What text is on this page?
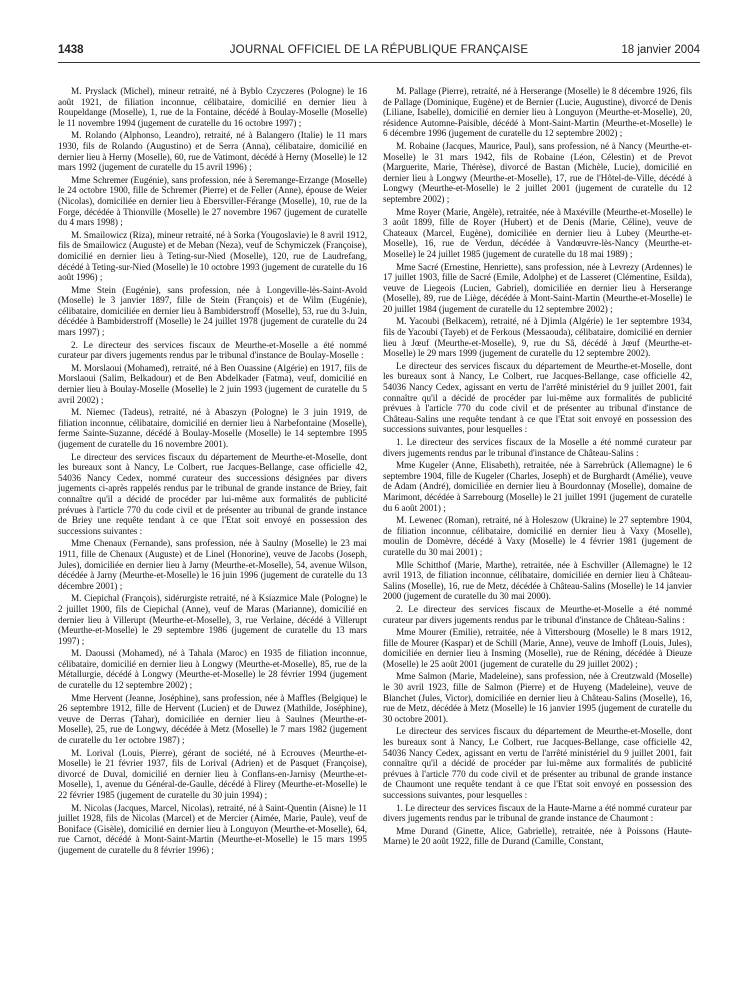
1438	JOURNAL OFFICIEL DE LA RÉPUBLIQUE FRANÇAISE	18 janvier 2004

M. Pryslack (Michel), mineur retraité, né à Byblo Czyczeres (Pologne) le 16 août 1921, de filiation inconnue, célibataire, domicilié en dernier lieu à Roupeldange (Moselle), 1, rue de la Fontaine, décédé à Boulay-Moselle (Moselle) le 11 novembre 1994 (jugement de curatelle du 16 octobre 1997) ;

M. Rolando (Alphonso, Leandro), retraité, né à Balangero (Italie) le 11 mars 1930, fils de Rolando (Augustino) et de Serra (Anna), célibataire, domicilié en dernier lieu à Herny (Moselle), 60, rue de Vatimont, décédé à Herny (Moselle) le 12 mars 1992 (jugement de curatelle du 15 avril 1996) ;

Mme Schremer (Eugénie), sans profession, née à Seremange-Erzange (Moselle) le 24 octobre 1900, fille de Schremer (Pierre) et de Feller (Anne), épouse de Weier (Nicolas), domiciliée en dernier lieu à Ebersviller-Férange (Moselle), 10, rue de la Forge, décédée à Thionville (Moselle) le 27 novembre 1967 (jugement de curatelle du 4 mars 1998) ;

M. Smailowicz (Riza), mineur retraité, né à Sorka (Yougoslavie) le 8 avril 1912, fils de Smailowicz (Auguste) et de Meban (Neza), veuf de Schymiczek (Françoise), domicilié en dernier lieu à Teting-sur-Nied (Moselle), 120, rue de Laudrefang, décédé à Teting-sur-Nied (Moselle) le 10 octobre 1993 (jugement de curatelle du 16 août 1996) ;

Mme Stein (Eugénie), sans profession, née à Longeville-lès-Saint-Avold (Moselle) le 3 janvier 1897, fille de Stein (François) et de Wilm (Eugénie), célibataire, domiciliée en dernier lieu à Bambiderstroff (Moselle), 53, rue du 3-Juin, décédée à Bambiderstroff (Moselle) le 24 juillet 1978 (jugement de curatelle du 24 mars 1997) ;

2. Le directeur des services fiscaux de Meurthe-et-Moselle a été nommé curateur par divers jugements rendus par le tribunal d'instance de Boulay-Moselle :

M. Morslaoui (Mohamed), retraité, né à Ben Ouassine (Algérie) en 1917, fils de Morslaoui (Salim, Belkadour) et de Ben Abdelkader (Fatma), veuf, domicilié en dernier lieu à Boulay-Moselle (Moselle) le 2 juin 1993 (jugement de curatelle du 5 avril 2002) ;

M. Niemec (Tadeus), retraité, né à Abaszyn (Pologne) le 3 juin 1919, de filiation inconnue, célibataire, domicilié en dernier lieu à Narbefontaine (Moselle), ferme Sainte-Suzanne, décédé à Boulay-Moselle (Moselle) le 14 septembre 1995 (jugement de curatelle du 16 novembre 2001).

Le directeur des services fiscaux du département de Meurthe-et-Moselle, dont les bureaux sont à Nancy, Le Colbert, rue Jacques-Bellange, case officielle 42, 54036 Nancy Cedex, nommé curateur des successions désignées par divers jugements ci-après rappelés rendus par le tribunal de grande instance de Briey, fait connaître qu'il a décidé de procéder par lui-même aux formalités de publicité prévues à l'article 770 du code civil et de présenter au tribunal de grande instance de Briey une requête tendant à ce que l'Etat soit envoyé en possession des successions suivantes :

Mme Chenaux (Fernande), sans profession, née à Saulny (Moselle) le 23 mai 1911, fille de Chenaux (Auguste) et de Linel (Honorine), veuve de Jacobs (Joseph, Jules), domiciliée en dernier lieu à Jarny (Meurthe-et-Moselle), 54, avenue Wilson, décédée à Jarny (Meurthe-et-Moselle) le 16 juin 1996 (jugement de curatelle du 13 décembre 2001) ;

M. Ciepichal (François), sidérurgiste retraité, né à Ksiazmice Male (Pologne) le 2 juillet 1900, fils de Ciepichal (Anne), veuf de Maras (Marianne), domicilié en dernier lieu à Villerupt (Meurthe-et-Moselle), 3, rue Verlaine, décédé à Villerupt (Meurthe-et-Moselle) le 29 septembre 1986 (jugement de curatelle du 13 mars 1997) ;

M. Daoussi (Mohamed), né à Tahala (Maroc) en 1935 de filiation inconnue, célibataire, domicilié en dernier lieu à Longwy (Meurthe-et-Moselle), 85, rue de la Métallurgie, décédé à Longwy (Meurthe-et-Moselle) le 28 février 1994 (jugement de curatelle du 12 septembre 2002) ;

Mme Hervent (Jeanne, Joséphine), sans profession, née à Maffles (Belgique) le 26 septembre 1912, fille de Hervent (Lucien) et de Duwez (Mathilde, Joséphine), veuve de Derras (Tahar), domiciliée en dernier lieu à Saulnes (Meurthe-et-Moselle), 25, rue de Longwy, décédée à Metz (Moselle) le 7 mars 1982 (jugement de curatelle du 1er octobre 1987) ;

M. Lorival (Louis, Pierre), gérant de société, né à Ecrouves (Meurthe-et-Moselle) le 21 février 1937, fils de Lorival (Adrien) et de Pasquet (Françoise), divorcé de Duval, domicilié en dernier lieu à Conflans-en-Jarnisy (Meurthe-et-Moselle), 1, avenue du Général-de-Gaulle, décédé à Flirey (Meurthe-et-Moselle) le 22 février 1985 (jugement de curatelle du 30 juin 1994) ;

M. Nicolas (Jacques, Marcel, Nicolas), retraité, né à Saint-Quentin (Aisne) le 11 juillet 1928, fils de Nicolas (Marcel) et de Mercier (Aimée, Marie, Paule), veuf de Boniface (Gisèle), domicilié en dernier lieu à Longuyon (Meurthe-et-Moselle), 64, rue Carnot, décédé à Mont-Saint-Martin (Meurthe-et-Moselle) le 15 mars 1995 (jugement de curatelle du 8 février 1996) ;

M. Pallage (Pierre), retraité, né à Herserange (Moselle) le 8 décembre 1926, fils de Pallage (Dominique, Eugène) et de Bernier (Lucie, Augustine), divorcé de Denis (Liliane, Isabelle), domicilié en dernier lieu à Longuyon (Meurthe-et-Moselle), 20, résidence Automne-Paisible, décédé à Mont-Saint-Martin (Meurthe-et-Moselle) le 6 décembre 1996 (jugement de curatelle du 12 septembre 2002) ;

M. Robaine (Jacques, Maurice, Paul), sans profession, né à Nancy (Meurthe-et-Moselle) le 31 mars 1942, fils de Robaine (Léon, Célestin) et de Prevot (Marguerite, Marie, Thérèse), divorcé de Bastan (Michèle, Lucie), domicilié en dernier lieu à Longwy (Meurthe-et-Moselle), 17, rue de l'Hôtel-de-Ville, décédé à Longwy (Meurthe-et-Moselle) le 2 juillet 2001 (jugement de curatelle du 12 septembre 2002) ;

Mme Royer (Marie, Angèle), retraitée, née à Maxéville (Meurthe-et-Moselle) le 3 août 1899, fille de Royer (Hubert) et de Denis (Marie, Céline), veuve de Chateaux (Marcel, Eugène), domiciliée en dernier lieu à Lubey (Meurthe-et-Moselle), 16, rue de Verdun, décédée à Vandœuvre-lès-Nancy (Meurthe-et-Moselle) le 24 juillet 1985 (jugement de curatelle du 18 mai 1989) ;

Mme Sacré (Ernestine, Henriette), sans profession, née à Levrezy (Ardennes) le 17 juillet 1903, fille de Sacré (Emile, Adolphe) et de Lasseret (Clémentine, Esilda), veuve de Liegeois (Lucien, Gabriel), domiciliée en dernier lieu à Herserange (Moselle), 89, rue de Liège, décédée à Mont-Saint-Martin (Meurthe-et-Moselle) le 20 juillet 1984 (jugement de curatelle du 12 septembre 2002) ;

M. Yacoubi (Belkacem), retraité, né à Djimla (Algérie) le 1er septembre 1934, fils de Yacoubi (Tayeb) et de Ferkous (Messaouda), célibataire, domicilié en dernier lieu à Jœuf (Meurthe-et-Moselle), 9, rue du Sâ, décédé à Jœuf (Meurthe-et-Moselle) le 29 mars 1999 (jugement de curatelle du 12 septembre 2002).

Le directeur des services fiscaux du département de Meurthe-et-Moselle, dont les bureaux sont à Nancy, Le Colbert, rue Jacques-Bellange, case officielle 42, 54036 Nancy Cedex, agissant en vertu de l'arrêté ministériel du 9 juillet 2001, fait connaître qu'il a décidé de procéder par lui-même aux formalités de publicité prévues à l'article 770 du code civil et de présenter au tribunal d'instance de Château-Salins une requête tendant à ce que l'Etat soit envoyé en possession des successions suivantes, pour lesquelles :

1. Le directeur des services fiscaux de la Moselle a été nommé curateur par divers jugements rendus par le tribunal d'instance de Château-Salins :

Mme Kugeler (Anne, Elisabeth), retraitée, née à Sarrebrück (Allemagne) le 6 septembre 1904, fille de Kugeler (Charles, Joseph) et de Burghardt (Amélie), veuve de Adam (André), domiciliée en dernier lieu à Bourdonnay (Moselle), domaine de Marimont, décédée à Sarrebourg (Moselle) le 21 juillet 1991 (jugement de curatelle du 6 août 2001) ;

M. Lewenec (Roman), retraité, né à Holeszow (Ukraine) le 27 septembre 1904, de filiation inconnue, célibataire, domicilié en dernier lieu à Vaxy (Moselle), moulin de Domèvre, décédé à Vaxy (Moselle) le 4 février 1981 (jugement de curatelle du 30 mai 2001) ;

Mlle Schitthof (Marie, Marthe), retraitée, née à Eschviller (Allemagne) le 12 avril 1913, de filiation inconnue, célibataire, domiciliée en dernier lieu à Château-Salins (Moselle), 16, rue de Metz, décédée à Château-Salins (Moselle) le 14 janvier 2000 (jugement de curatelle du 30 mai 2000).

2. Le directeur des services fiscaux de Meurthe-et-Moselle a été nommé curateur par divers jugements rendus par le tribunal d'instance de Château-Salins :

Mme Mourer (Emilie), retraitée, née à Vittersbourg (Moselle) le 8 mars 1912, fille de Mourer (Kaspar) et de Schill (Marie, Anne), veuve de Imhoff (Louis, Jules), domiciliée en dernier lieu à Insming (Moselle), rue de Réning, décédée à Dieuze (Moselle) le 25 août 2001 (jugement de curatelle du 29 juillet 2002) ;

Mme Salmon (Marie, Madeleine), sans profession, née à Creutzwald (Moselle) le 30 avril 1923, fille de Salmon (Pierre) et de Huyeng (Madeleine), veuve de Blanchet (Jules, Victor), domiciliée en dernier lieu à Château-Salins (Moselle), 16, rue de Metz, décédée à Metz (Moselle) le 16 janvier 1995 (jugement de curatelle du 30 octobre 2001).

Le directeur des services fiscaux du département de Meurthe-et-Moselle, dont les bureaux sont à Nancy, Le Colbert, rue Jacques-Bellange, case officielle 42, 54036 Nancy Cedex, agissant en vertu de l'arrêté ministériel du 9 juillet 2001, fait connaître qu'il a décidé de procéder par lui-même aux formalités de publicité prévues à l'article 770 du code civil et de présenter au tribunal de grande instance de Chaumont une requête tendant à ce que l'Etat soit envoyé en possession des successions suivantes, pour lesquelles :

1. Le directeur des services fiscaux de la Haute-Marne a été nommé curateur par divers jugements rendus par le tribunal de grande instance de Chaumont :

Mme Durand (Ginette, Alice, Gabrielle), retraitée, née à Poissons (Haute-Marne) le 20 août 1922, fille de Durand (Camille, Constant,
